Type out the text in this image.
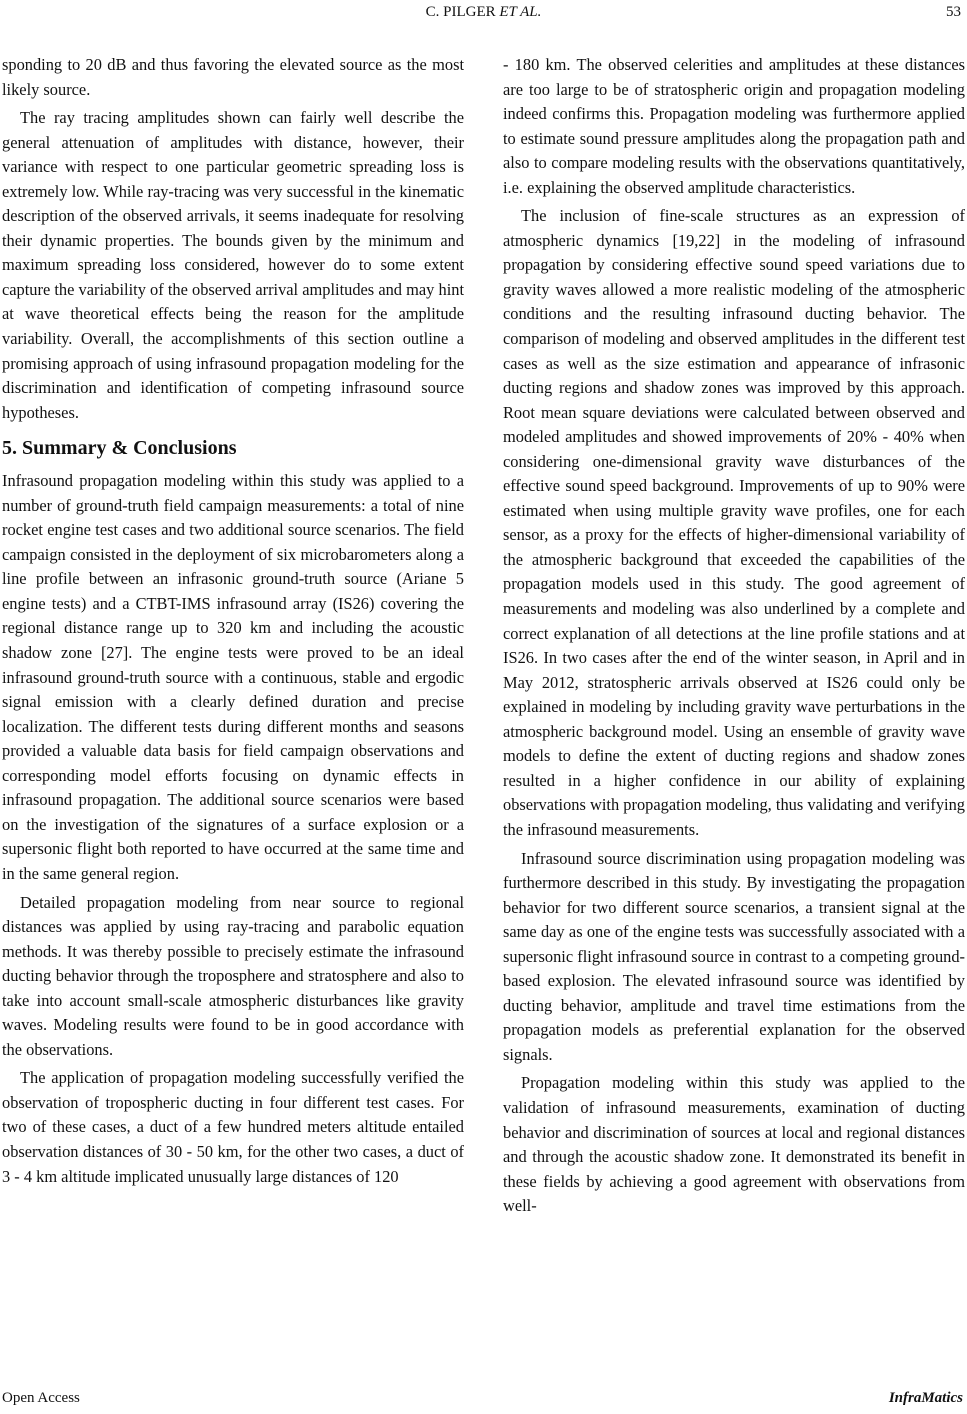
C. PILGER ET AL.	53

sponding to 20 dB and thus favoring the elevated source as the most likely source.

The ray tracing amplitudes shown can fairly well describe the general attenuation of amplitudes with distance, however, their variance with respect to one particular geometric spreading loss is extremely low. While ray-tracing was very successful in the kinematic description of the observed arrivals, it seems inadequate for resolving their dynamic properties. The bounds given by the minimum and maximum spreading loss considered, however do to some extent capture the variability of the observed arrival amplitudes and may hint at wave theoretical effects being the reason for the amplitude variability. Overall, the accomplishments of this section outline a promising approach of using infrasound propagation modeling for the discrimination and identification of competing infrasound source hypotheses.

5. Summary & Conclusions

Infrasound propagation modeling within this study was applied to a number of ground-truth field campaign measurements: a total of nine rocket engine test cases and two additional source scenarios. The field campaign consisted in the deployment of six microbarometers along a line profile between an infrasonic ground-truth source (Ariane 5 engine tests) and a CTBT-IMS infrasound array (IS26) covering the regional distance range up to 320 km and including the acoustic shadow zone [27]. The engine tests were proved to be an ideal infrasound ground-truth source with a continuous, stable and ergodic signal emission with a clearly defined duration and precise localization. The different tests during different months and seasons provided a valuable data basis for field campaign observations and corresponding model efforts focusing on dynamic effects in infrasound propagation. The additional source scenarios were based on the investigation of the signatures of a surface explosion or a supersonic flight both reported to have occurred at the same time and in the same general region.

Detailed propagation modeling from near source to regional distances was applied by using ray-tracing and parabolic equation methods. It was thereby possible to precisely estimate the infrasound ducting behavior through the troposphere and stratosphere and also to take into account small-scale atmospheric disturbances like gravity waves. Modeling results were found to be in good accordance with the observations.

The application of propagation modeling successfully verified the observation of tropospheric ducting in four different test cases. For two of these cases, a duct of a few hundred meters altitude entailed observation distances of 30 - 50 km, for the other two cases, a duct of 3 - 4 km altitude implicated unusually large distances of 120

- 180 km. The observed celerities and amplitudes at these distances are too large to be of stratospheric origin and propagation modeling indeed confirms this. Propagation modeling was furthermore applied to estimate sound pressure amplitudes along the propagation path and also to compare modeling results with the observations quantitatively, i.e. explaining the observed amplitude characteristics.

The inclusion of fine-scale structures as an expression of atmospheric dynamics [19,22] in the modeling of infrasound propagation by considering effective sound speed variations due to gravity waves allowed a more realistic modeling of the atmospheric conditions and the resulting infrasound ducting behavior. The comparison of modeling and observed amplitudes in the different test cases as well as the size estimation and appearance of infrasonic ducting regions and shadow zones was improved by this approach. Root mean square deviations were calculated between observed and modeled amplitudes and showed improvements of 20% - 40% when considering one-dimensional gravity wave disturbances of the effective sound speed background. Improvements of up to 90% were estimated when using multiple gravity wave profiles, one for each sensor, as a proxy for the effects of higher-dimensional variability of the atmospheric background that exceeded the capabilities of the propagation models used in this study. The good agreement of measurements and modeling was also underlined by a complete and correct explanation of all detections at the line profile stations and at IS26. In two cases after the end of the winter season, in April and in May 2012, stratospheric arrivals observed at IS26 could only be explained in modeling by including gravity wave perturbations in the atmospheric background model. Using an ensemble of gravity wave models to define the extent of ducting regions and shadow zones resulted in a higher confidence in our ability of explaining observations with propagation modeling, thus validating and verifying the infrasound measurements.

Infrasound source discrimination using propagation modeling was furthermore described in this study. By investigating the propagation behavior for two different source scenarios, a transient signal at the same day as one of the engine tests was successfully associated with a supersonic flight infrasound source in contrast to a competing ground-based explosion. The elevated infrasound source was identified by ducting behavior, amplitude and travel time estimations from the propagation models as preferential explanation for the observed signals.

Propagation modeling within this study was applied to the validation of infrasound measurements, examination of ducting behavior and discrimination of sources at local and regional distances and through the acoustic shadow zone. It demonstrated its benefit in these fields by achieving a good agreement with observations from well-

Open Access	InfraMatics
